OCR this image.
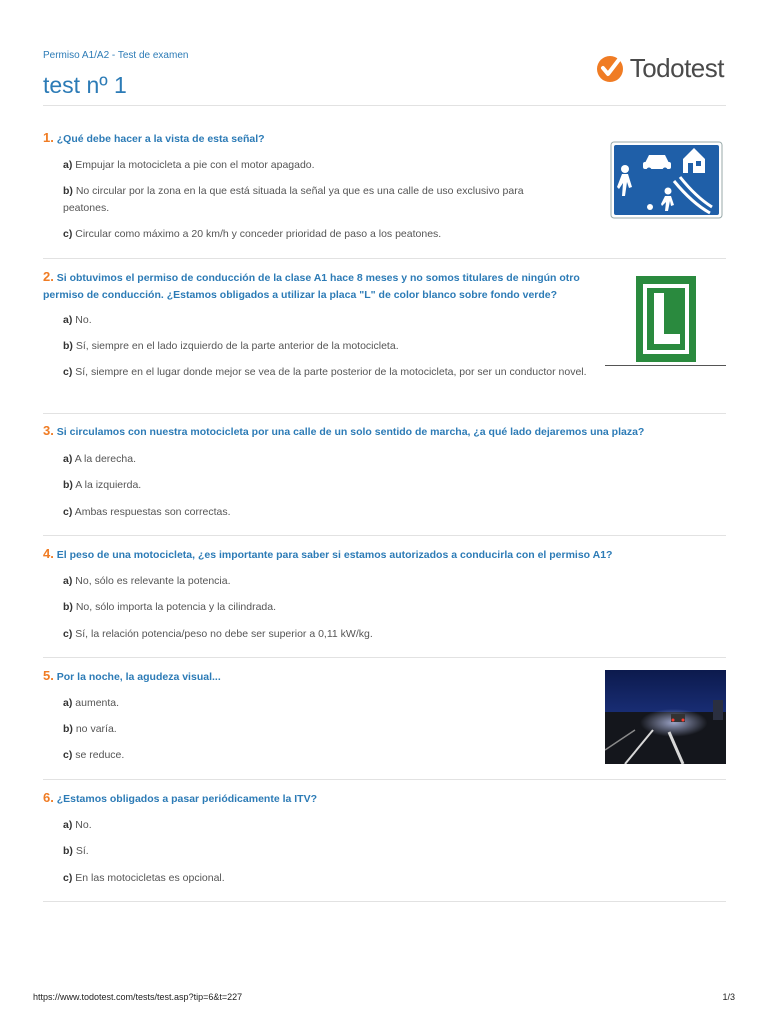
Permiso A1/A2 - Test de examen
test nº 1
Todotest
1. ¿Qué debe hacer a la vista de esta señal?
a) Empujar la motocicleta a pie con el motor apagado.
b) No circular por la zona en la que está situada la señal ya que es una calle de uso exclusivo para peatones.
c) Circular como máximo a 20 km/h y conceder prioridad de paso a los peatones.
2. Si obtuvimos el permiso de conducción de la clase A1 hace 8 meses y no somos titulares de ningún otro permiso de conducción. ¿Estamos obligados a utilizar la placa "L" de color blanco sobre fondo verde?
a) No.
b) Sí, siempre en el lado izquierdo de la parte anterior de la motocicleta.
c) Sí, siempre en el lugar donde mejor se vea de la parte posterior de la motocicleta, por ser un conductor novel.
3. Si circulamos con nuestra motocicleta por una calle de un solo sentido de marcha, ¿a qué lado dejaremos una plaza?
a) A la derecha.
b) A la izquierda.
c) Ambas respuestas son correctas.
4. El peso de una motocicleta, ¿es importante para saber si estamos autorizados a conducirla con el permiso A1?
a) No, sólo es relevante la potencia.
b) No, sólo importa la potencia y la cilindrada.
c) Sí, la relación potencia/peso no debe ser superior a 0,11 kW/kg.
5. Por la noche, la agudeza visual...
a) aumenta.
b) no varía.
c) se reduce.
6. ¿Estamos obligados a pasar periódicamente la ITV?
a) No.
b) Sí.
c) En las motocicletas es opcional.
https://www.todotest.com/tests/test.asp?tip=6&t=227	1/3
